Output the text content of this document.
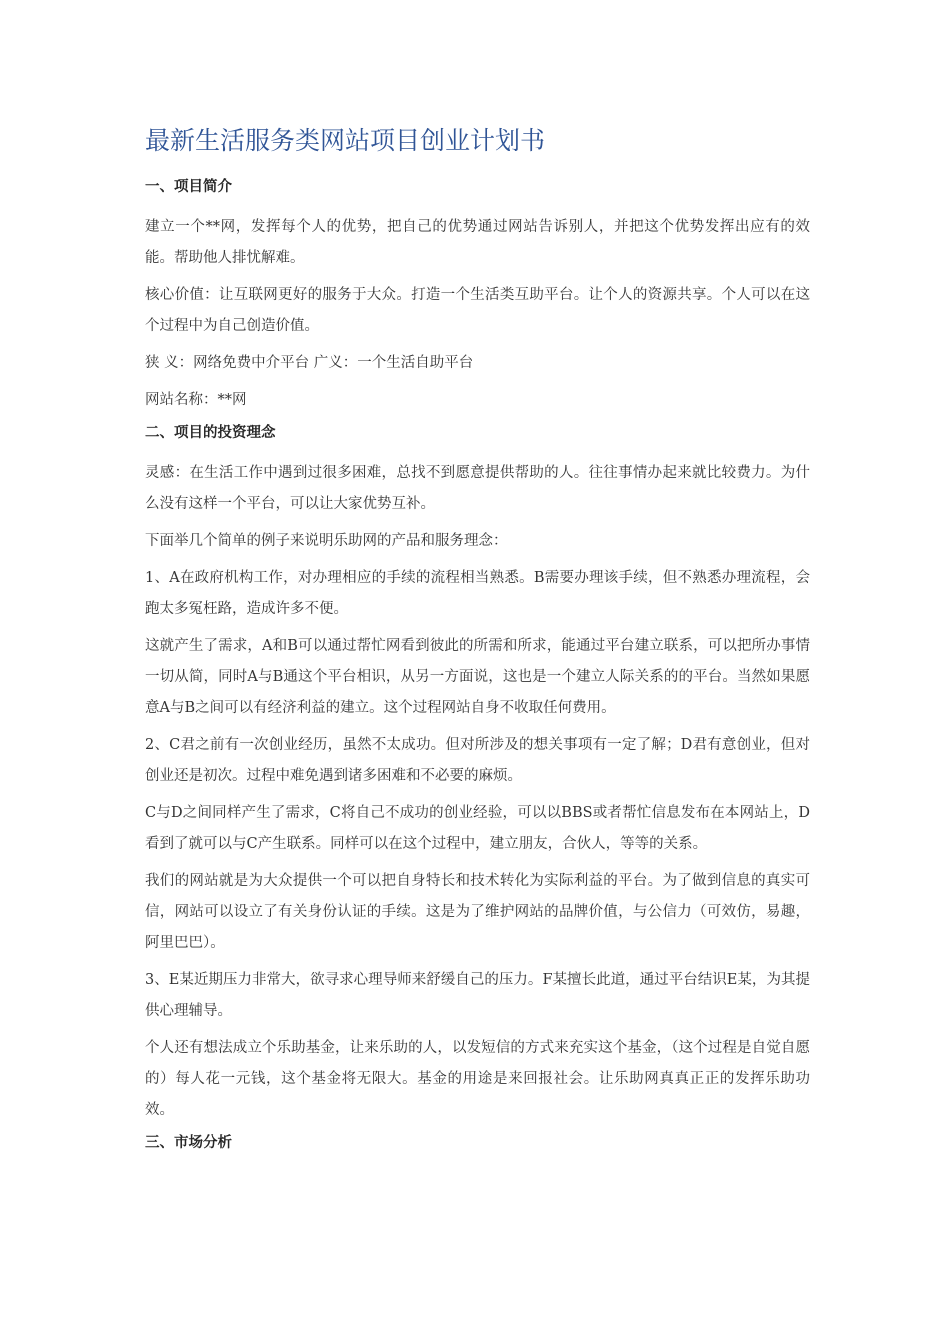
最新生活服务类网站项目创业计划书
一、项目简介

建立一个**网，发挥每个人的优势，把自己的优势通过网站告诉别人，并把这个优势发挥出应有的效能。帮助他人排忧解难。

核心价值：让互联网更好的服务于大众。打造一个生活类互助平台。让个人的资源共享。个人可以在这个过程中为自己创造价值。

狭 义：网络免费中介平台 广义：一个生活自助平台

网站名称：**网

二、项目的投资理念

灵感：在生活工作中遇到过很多困难，总找不到愿意提供帮助的人。往往事情办起来就比较费力。为什么没有这样一个平台，可以让大家优势互补。

下面举几个简单的例子来说明乐助网的产品和服务理念：

1、A在政府机构工作，对办理相应的手续的流程相当熟悉。B需要办理该手续，但不熟悉办理流程，会跑太多冤枉路，造成许多不便。

这就产生了需求，A和B可以通过帮忙网看到彼此的所需和所求，能通过平台建立联系，可以把所办事情一切从简，同时A与B通这个平台相识，从另一方面说，这也是一个建立人际关系的的平台。当然如果愿意A与B之间可以有经济利益的建立。这个过程网站自身不收取任何费用。

2、C君之前有一次创业经历，虽然不太成功。但对所涉及的想关事项有一定了解；D君有意创业，但对创业还是初次。过程中难免遇到诸多困难和不必要的麻烦。

C与D之间同样产生了需求，C将自己不成功的创业经验，可以以BBS或者帮忙信息发布在本网站上，D看到了就可以与C产生联系。同样可以在这个过程中，建立朋友，合伙人，等等的关系。

我们的网站就是为大众提供一个可以把自身特长和技术转化为实际利益的平台。为了做到信息的真实可信，网站可以设立了有关身份认证的手续。这是为了维护网站的品牌价值，与公信力（可效仿，易趣，阿里巴巴）。

3、E某近期压力非常大，欲寻求心理导师来舒缓自己的压力。F某擅长此道，通过平台结识E某，为其提供心理辅导。

个人还有想法成立个乐助基金，让来乐助的人，以发短信的方式来充实这个基金，（这个过程是自觉自愿的）每人花一元钱，这个基金将无限大。基金的用途是来回报社会。让乐助网真真正正的发挥乐助功效。

三、市场分析
